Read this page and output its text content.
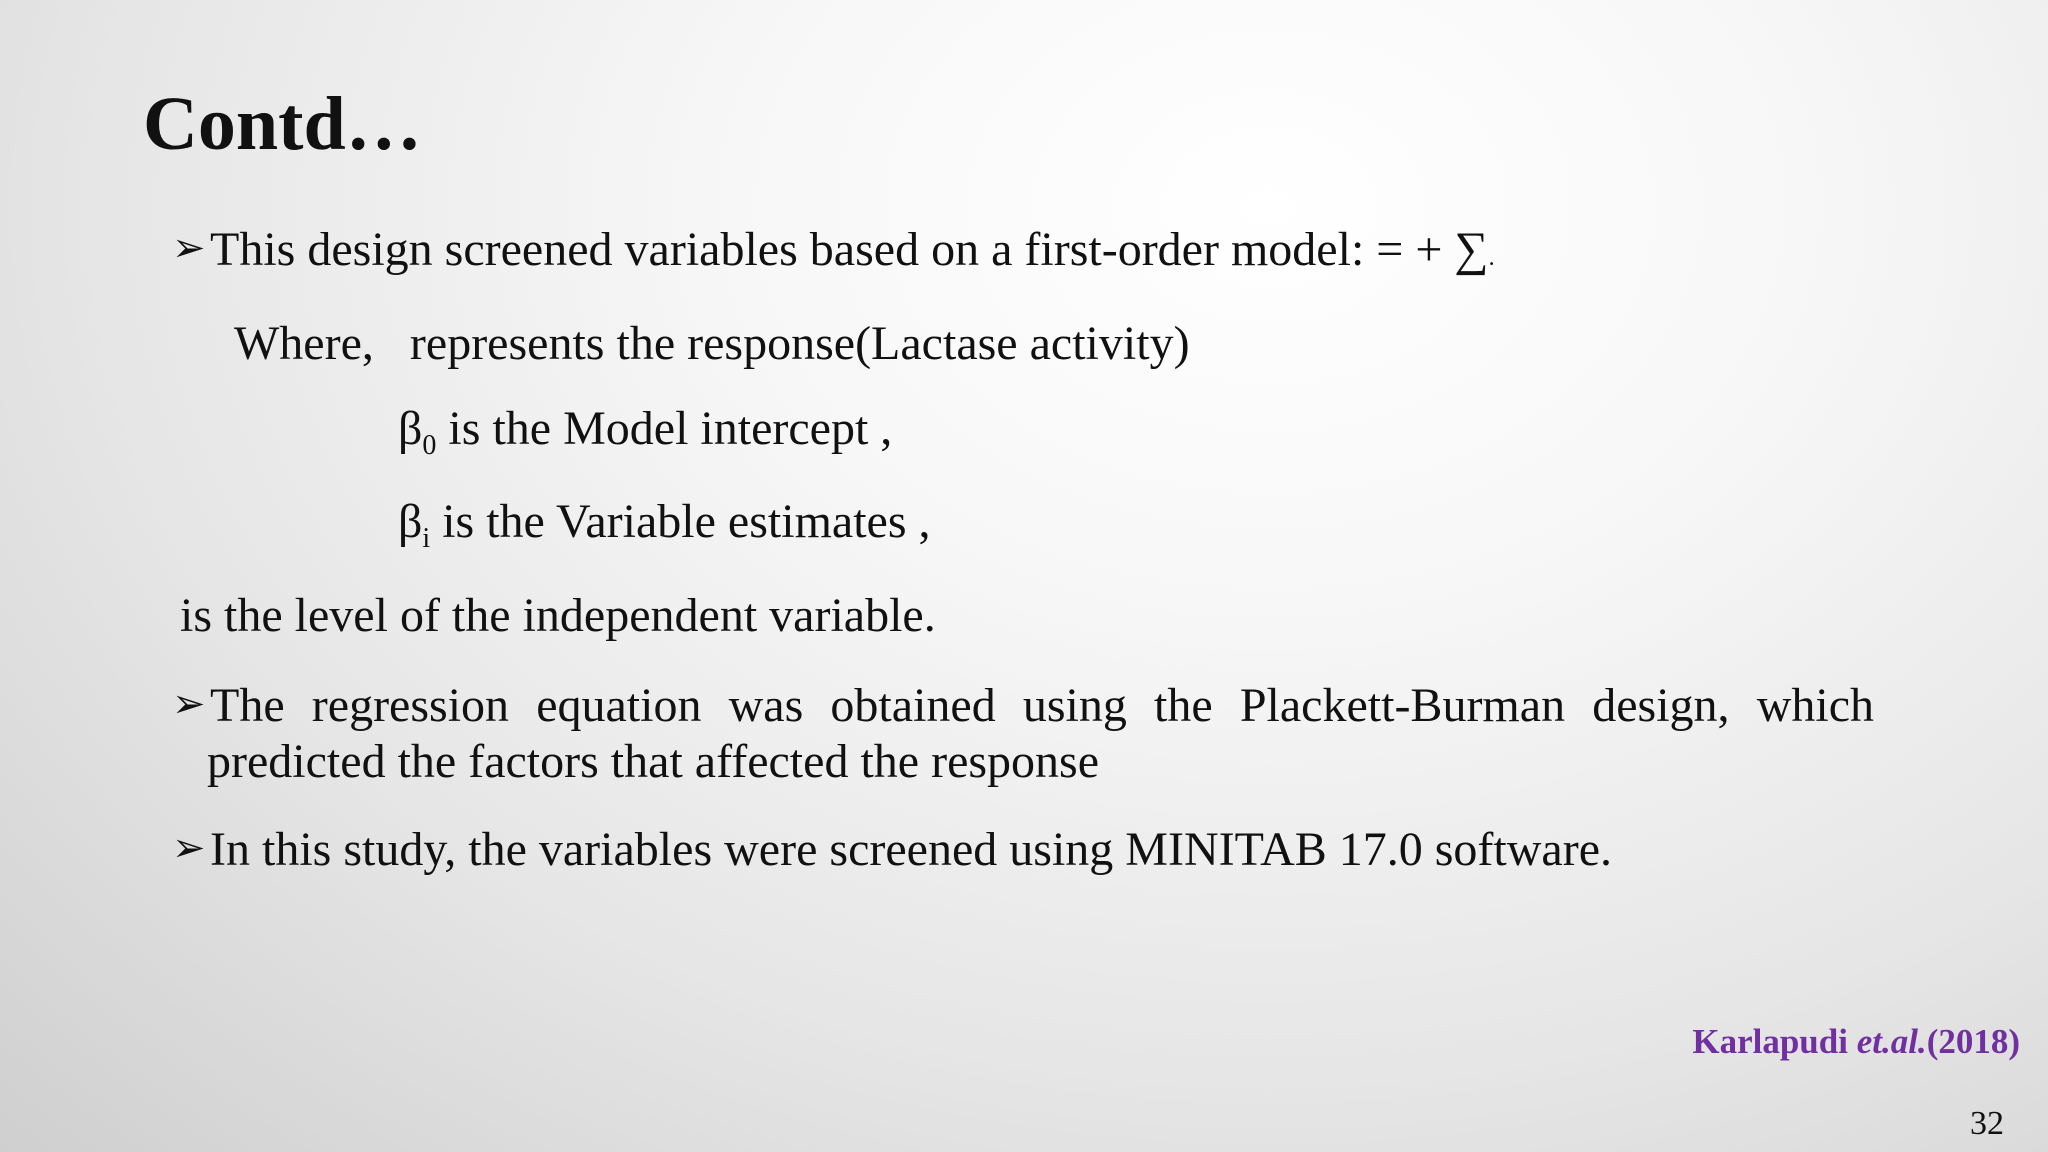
Contd…
➢This design screened variables based on a first-order model: = + ∑.
Where,   represents the response(Lactase activity)
$\beta_0$ is the Model intercept ,
$\beta_i$ is the Variable estimates ,
is the level of the independent variable.
➢The regression equation was obtained using the Plackett-Burman design, which
predicted the factors that affected the response
➢In this study, the variables were screened using MINITAB 17.0 software.
Karlapudi et.al.(2018)
32
